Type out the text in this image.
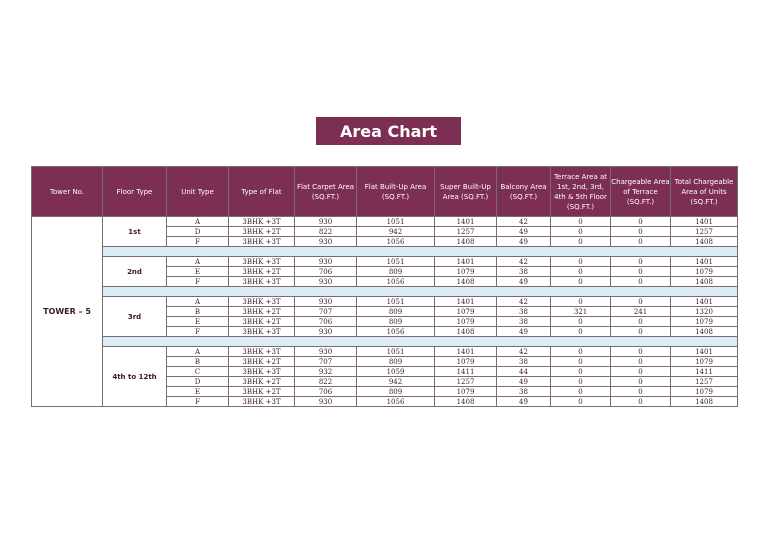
Area Chart
Tower No.	Floor Type	Unit Type	Type of Flat	Flat Carpet Area (SQ.FT.)	Flat Built-Up Area (SQ.FT.)	Super Built-Up Area (SQ.FT.)	Balcony Area (SQ.FT.)	Terrace Area at 1st, 2nd, 3rd, 4th & 5th Floor (SQ.FT.)	Chargeable Area of Terrace (SQ.FT.)	Total Chargeable Area of Units (SQ.FT.)
TOWER – 5	1st	A	3BHK +3T	930	1051	1401	42	0	0	1401
		D	3BHK +2T	822	942	1257	49	0	0	1257
		F	3BHK +3T	930	1056	1408	49	0	0	1408

	2nd	A	3BHK +3T	930	1051	1401	42	0	0	1401
		E	3BHK +2T	706	809	1079	38	0	0	1079
		F	3BHK +3T	930	1056	1408	49	0	0	1408

	3rd	A	3BHK +3T	930	1051	1401	42	0	0	1401
		B	3BHK +2T	707	809	1079	38	321	241	1320
		E	3BHK +2T	706	809	1079	38	0	0	1079
		F	3BHK +3T	930	1056	1408	49	0	0	1408

	4th to 12th	A	3BHK +3T	930	1051	1401	42	0	0	1401
		B	3BHK +2T	707	809	1079	38	0	0	1079
		C	3BHK +3T	932	1059	1411	44	0	0	1411
		D	3BHK +2T	822	942	1257	49	0	0	1257
		E	3BHK +2T	706	809	1079	38	0	0	1079
		F	3BHK +3T	930	1056	1408	49	0	0	1408
